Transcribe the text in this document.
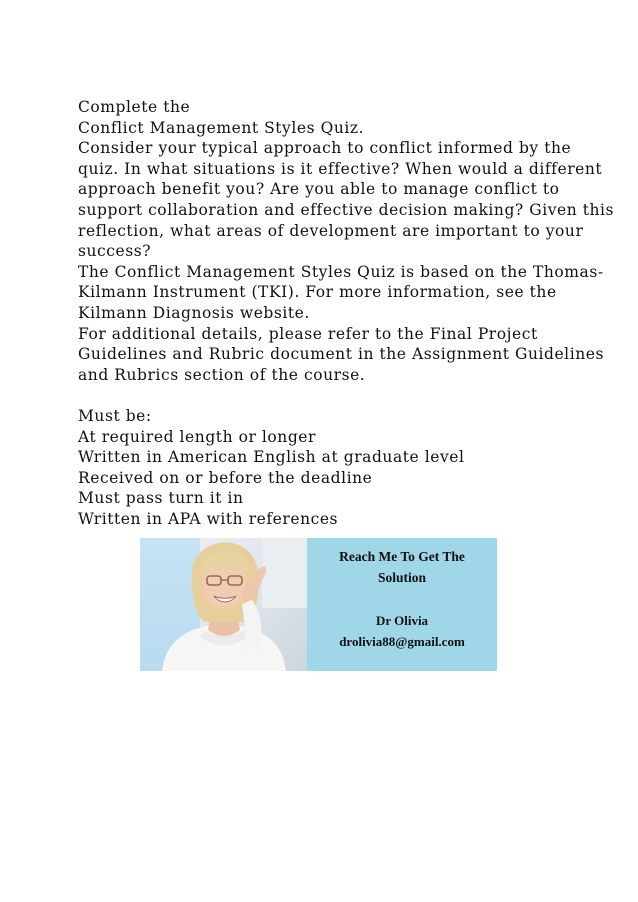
Complete the
Conflict Management Styles Quiz.
Consider your typical approach to conflict informed by the
quiz. In what situations is it effective? When would a different
approach benefit you? Are you able to manage conflict to
support collaboration and effective decision making? Given this
reflection, what areas of development are important to your
success?
The Conflict Management Styles Quiz is based on the Thomas-
Kilmann Instrument (TKI). For more information, see the
Kilmann Diagnosis website.
For additional details, please refer to the Final Project
Guidelines and Rubric document in the Assignment Guidelines
and Rubrics section of the course.
Must be:
At required length or longer
Written in American English at graduate level
Received on or before the deadline
Must pass turn it in
Written in APA with references
Reach Me To Get The
Solution
Dr Olivia
drolivia88@gmail.com
